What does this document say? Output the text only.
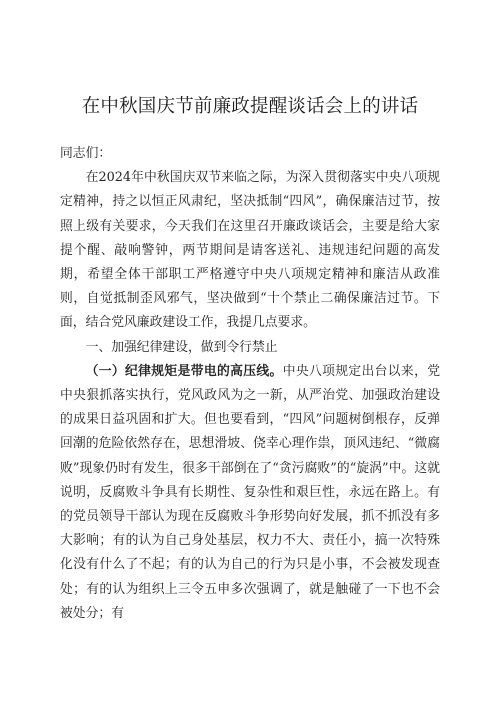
在中秋国庆节前廉政提醒谈话会上的讲话

同志们：

在2024年中秋国庆双节来临之际，为深入贯彻落实中央八项规定精神，持之以恒正风肃纪，坚决抵制“四风”，确保廉洁过节，按照上级有关要求，今天我们在这里召开廉政谈话会，主要是给大家提个醒、敲响警钟，两节期间是请客送礼、违规违纪问题的高发期，希望全体干部职工严格遵守中央八项规定精神和廉洁从政准则，自觉抵制歪风邪气，坚决做到“十个禁止二确保廉洁过节。下面，结合党风廉政建设工作，我提几点要求。

一、加强纪律建设，做到令行禁止

（一）纪律规矩是带电的高压线。中央八项规定出台以来，党中央狠抓落实执行，党风政风为之一新，从严治党、加强政治建设的成果日益巩固和扩大。但也要看到，“四风”问题树倒根存，反弹回潮的危险依然存在，思想滑坡、侥幸心理作祟，顶风违纪、“微腐败”现象仍时有发生，很多干部倒在了“贪污腐败”的“旋涡”中。这就说明，反腐败斗争具有长期性、复杂性和艰巨性，永远在路上。有的党员领导干部认为现在反腐败斗争形势向好发展，抓不抓没有多大影响；有的认为自己身处基层，权力不大、责任小，搞一次特殊化没有什么了不起；有的认为自己的行为只是小事，不会被发现查处；有的认为组织上三令五申多次强调了，就是触碰了一下也不会被处分；有
